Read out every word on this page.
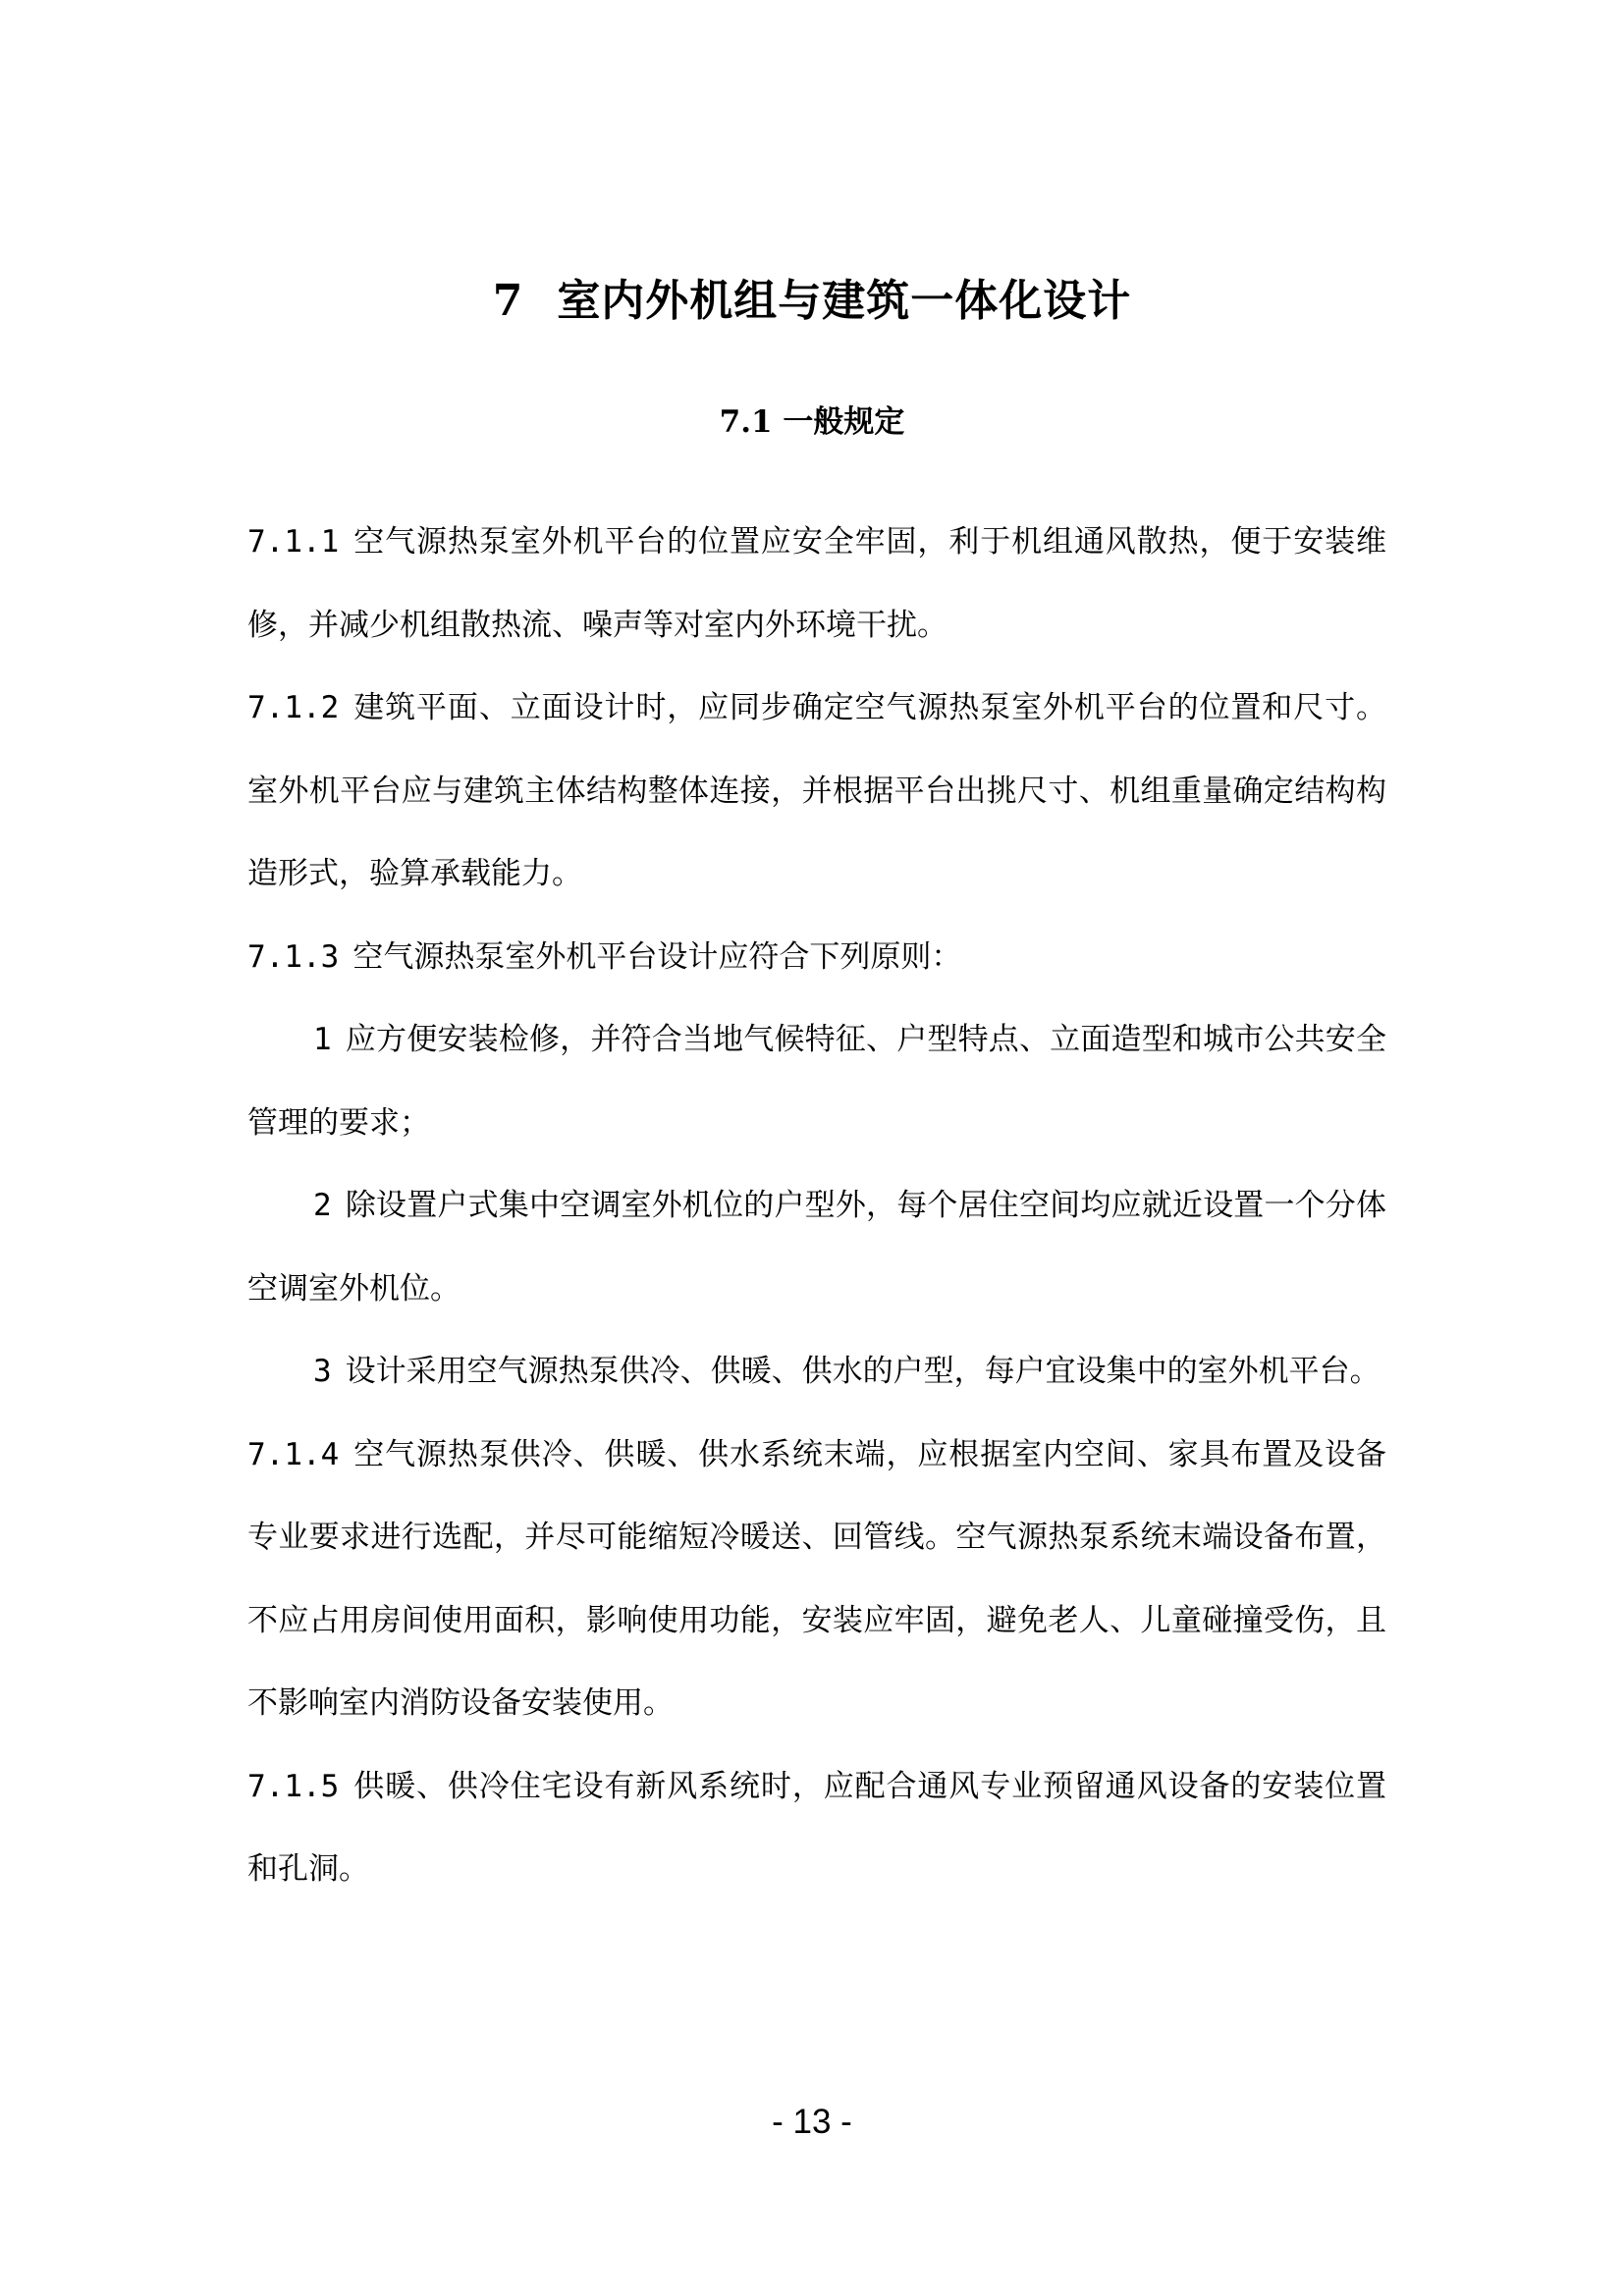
7 室内外机组与建筑一体化设计
7.1 一般规定

7.1.1 空气源热泵室外机平台的位置应安全牢固，利于机组通风散热，便于安装维修，并减少机组散热流、噪声等对室内外环境干扰。

7.1.2 建筑平面、立面设计时，应同步确定空气源热泵室外机平台的位置和尺寸。室外机平台应与建筑主体结构整体连接，并根据平台出挑尺寸、机组重量确定结构构造形式，验算承载能力。

7.1.3 空气源热泵室外机平台设计应符合下列原则：

1 应方便安装检修，并符合当地气候特征、户型特点、立面造型和城市公共安全管理的要求；

2 除设置户式集中空调室外机位的户型外，每个居住空间均应就近设置一个分体空调室外机位。

3 设计采用空气源热泵供冷、供暖、供水的户型，每户宜设集中的室外机平台。

7.1.4 空气源热泵供冷、供暖、供水系统末端，应根据室内空间、家具布置及设备专业要求进行选配，并尽可能缩短冷暖送、回管线。空气源热泵系统末端设备布置，不应占用房间使用面积，影响使用功能，安装应牢固，避免老人、儿童碰撞受伤，且不影响室内消防设备安装使用。

7.1.5 供暖、供冷住宅设有新风系统时，应配合通风专业预留通风设备的安装位置和孔洞。

- 13 -
